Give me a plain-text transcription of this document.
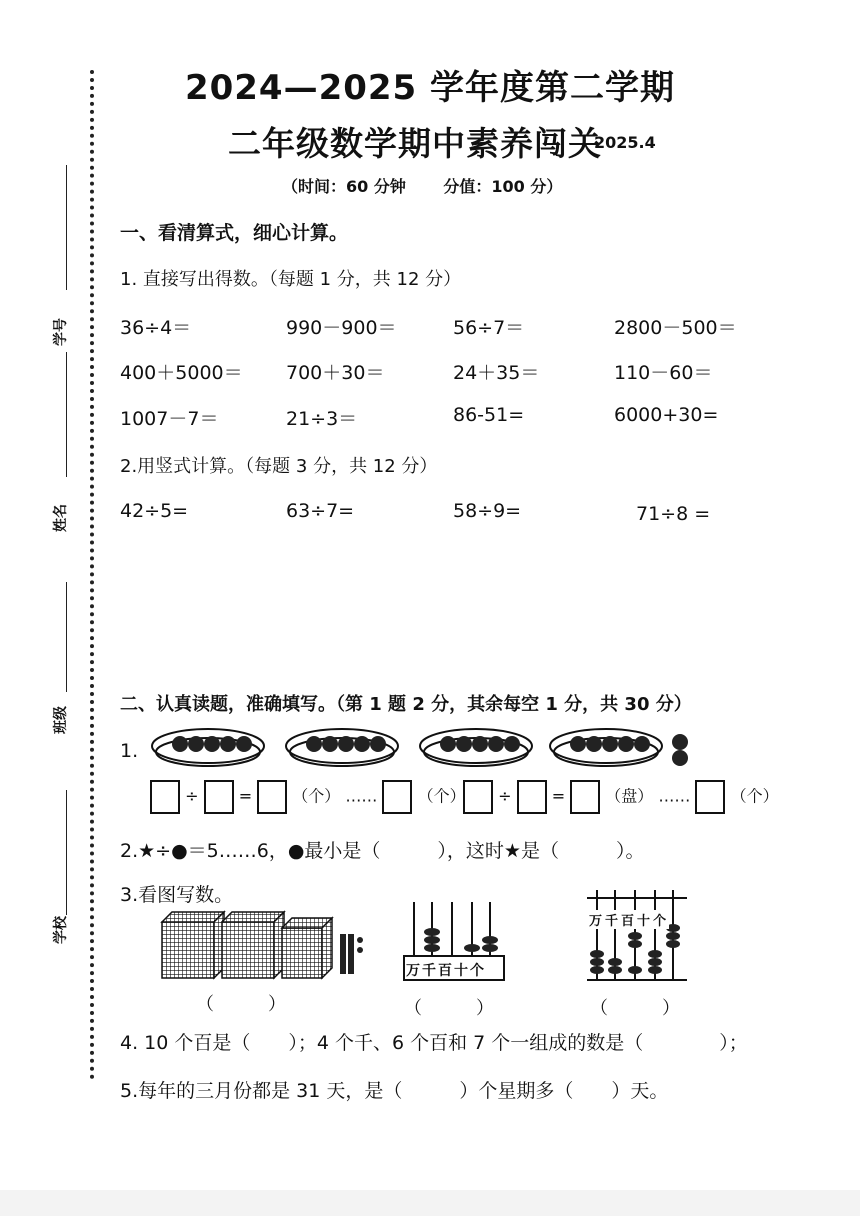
学号
姓名
班级
学校
2024—2025 学年度第二学期
二年级数学期中素养闯关
2025.4
（时间：60 分钟　　 分值：100 分）
一、看清算式，细心计算。
1. 直接写出得数。（每题 1 分，共 12 分）
36÷4＝	990－900＝	56÷7＝	2800－500＝
400＋5000＝ 700＋30＝	24＋35＝	110－60＝
1007－7＝	21÷3＝	86-51=	6000+30=
2.用竖式计算。（每题 3 分，共 12 分）
42÷5=	63÷7=	58÷9=	71÷8 =
二、认真读题，准确填写。（第 1 题 2 分，其余每空 1 分，共 30 分）
1.
÷	=	（个） ……	（个）	÷	=	（盘） ……	（个）
2.★÷●＝5……6，●最小是（　　　），这时★是（　　　）。
3.看图写数。
万千百十个
万千百十个
（　　　）	（　　　）	（　　　）
4. 10 个百是（　　）；4 个千、6 个百和 7 个一组成的数是（　　　　）；
5.每年的三月份都是 31 天，是（　　　）个星期多（　　）天。
